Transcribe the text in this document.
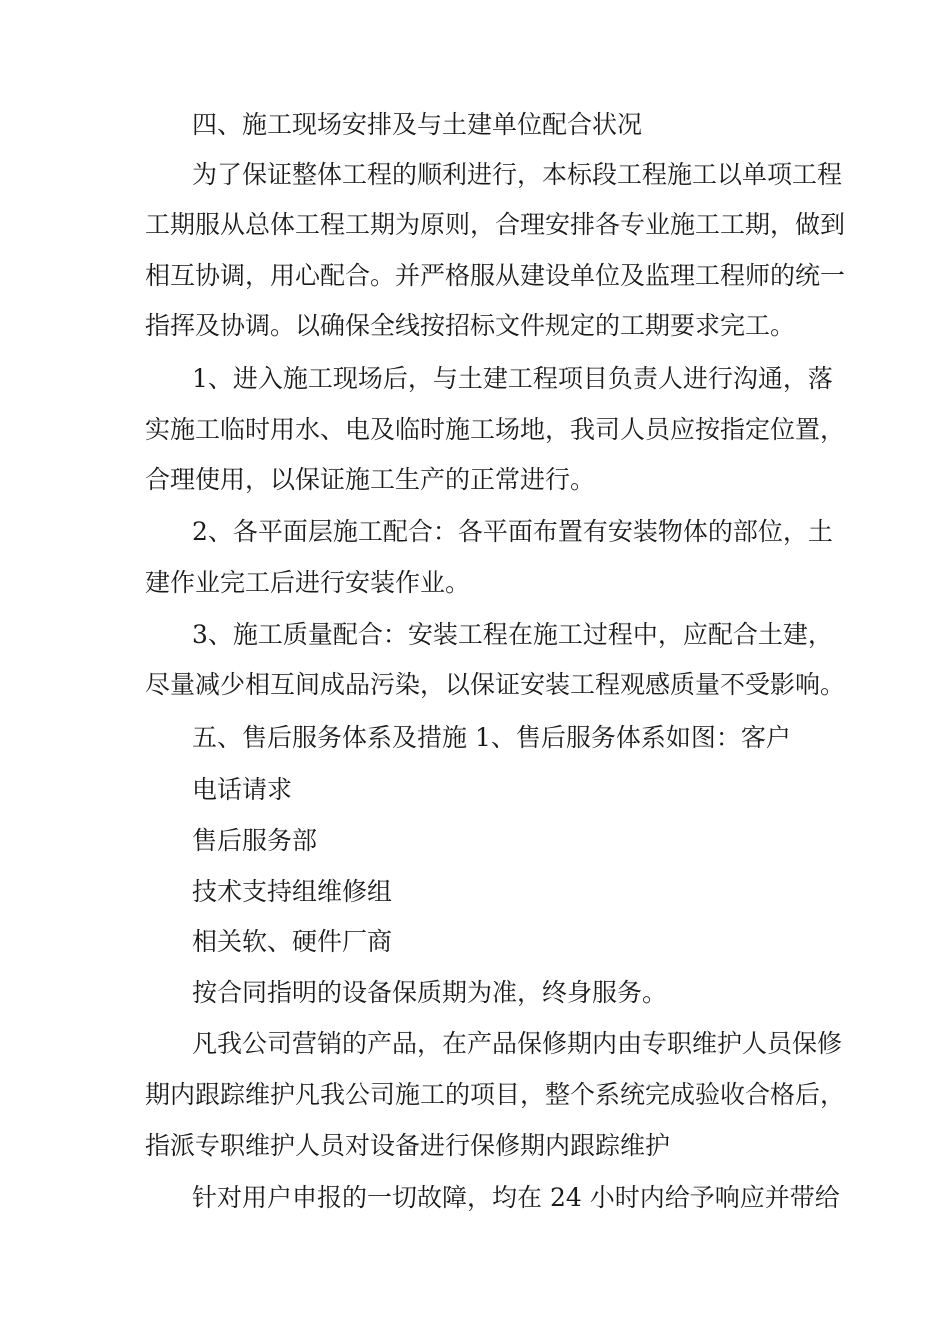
四、施工现场安排及与土建单位配合状况
为了保证整体工程的顺利进行，本标段工程施工以单项工程
工期服从总体工程工期为原则，合理安排各专业施工工期，做到
相互协调，用心配合。并严格服从建设单位及监理工程师的统一
指挥及协调。以确保全线按招标文件规定的工期要求完工。
1、进入施工现场后，与土建工程项目负责人进行沟通，落
实施工临时用水、电及临时施工场地，我司人员应按指定位置，
合理使用，以保证施工生产的正常进行。
2、各平面层施工配合：各平面布置有安装物体的部位，土
建作业完工后进行安装作业。
3、施工质量配合：安装工程在施工过程中，应配合土建，
尽量减少相互间成品污染，以保证安装工程观感质量不受影响。
五、售后服务体系及措施 1、售后服务体系如图：客户
电话请求
售后服务部
技术支持组维修组
相关软、硬件厂商
按合同指明的设备保质期为准，终身服务。
凡我公司营销的产品，在产品保修期内由专职维护人员保修
期内跟踪维护凡我公司施工的项目，整个系统完成验收合格后，
指派专职维护人员对设备进行保修期内跟踪维护
针对用户申报的一切故障，均在 24 小时内给予响应并带给
